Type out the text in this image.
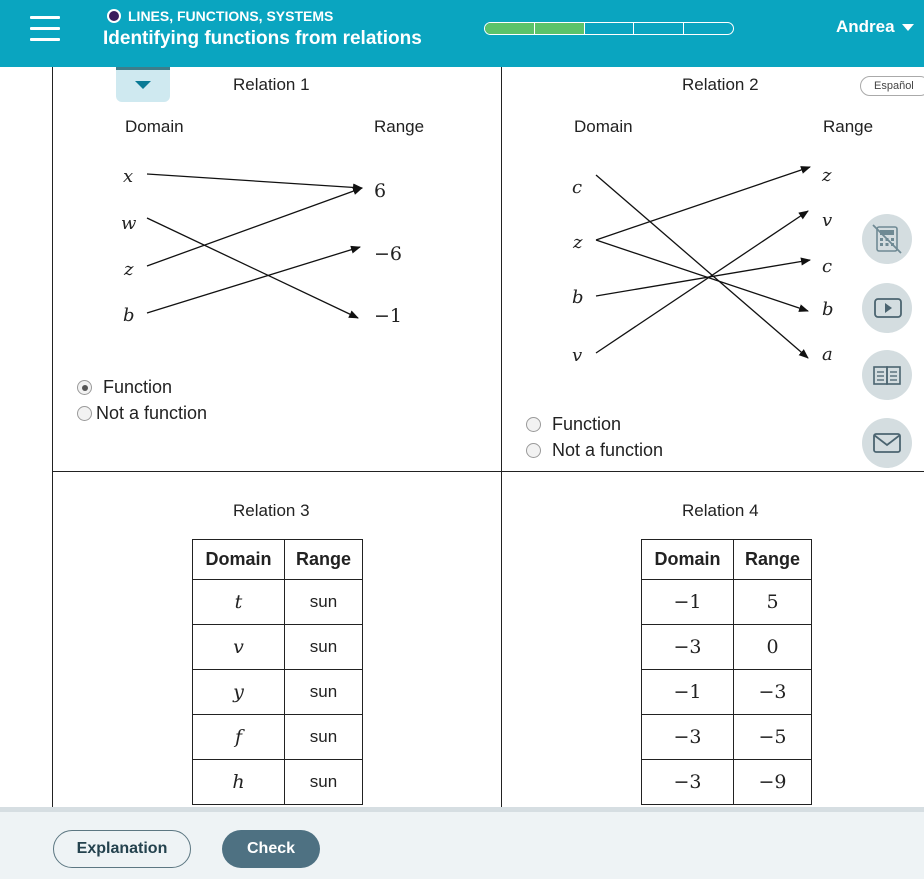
LINES, FUNCTIONS, SYSTEMS
Identifying functions from relations
Andrea
Español
Relation 1
Domain	Range
x
w
z
b
6
−6
−1
Function
Not a function
Relation 2
Domain	Range
c
z
b
v
z
v
c
b
a
Function
Not a function
Relation 3
Domain	Range
t	sun
v	sun
y	sun
f	sun
h	sun
Relation 4
Domain	Range
−1	5
−3	0
−1	−3
−3	−5
−3	−9
Explanation	Check
